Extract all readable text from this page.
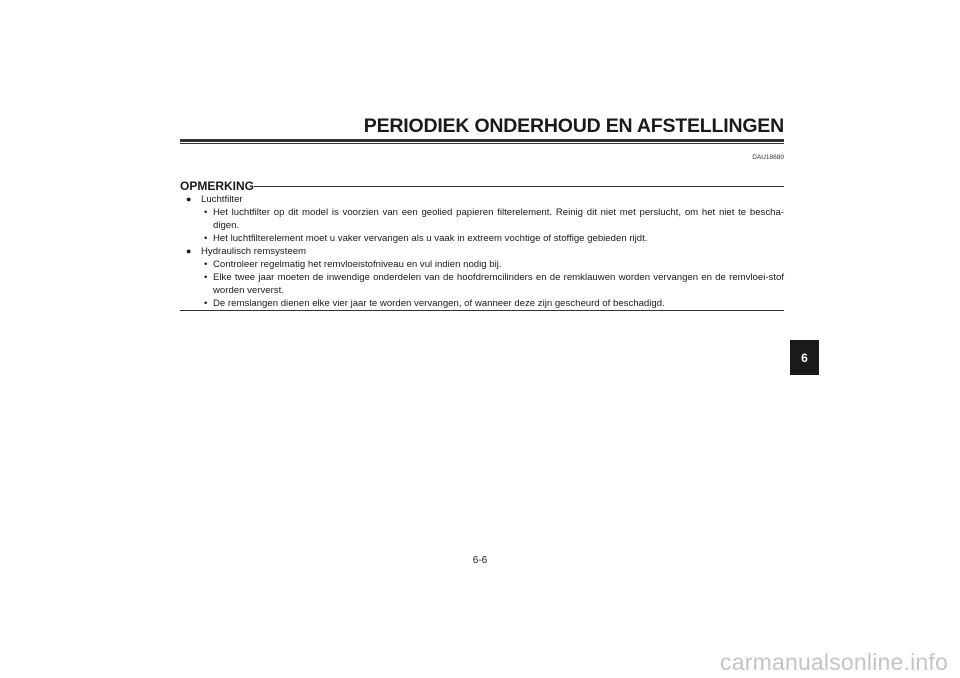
PERIODIEK ONDERHOUD EN AFSTELLINGEN
DAU18680
OPMERKING
● Luchtfilter
• Het luchtfilter op dit model is voorzien van een geolied papieren filterelement. Reinig dit niet met perslucht, om het niet te bescha-digen.
• Het luchtfilterelement moet u vaker vervangen als u vaak in extreem vochtige of stoffige gebieden rijdt.
● Hydraulisch remsysteem
• Controleer regelmatig het remvloeistofniveau en vul indien nodig bij.
• Elke twee jaar moeten de inwendige onderdelen van de hoofdremcilinders en de remklauwen worden vervangen en de remvloei-stof worden ververst.
• De remslangen dienen elke vier jaar te worden vervangen, of wanneer deze zijn gescheurd of beschadigd.
6-6
6
carmanualsonline.info
